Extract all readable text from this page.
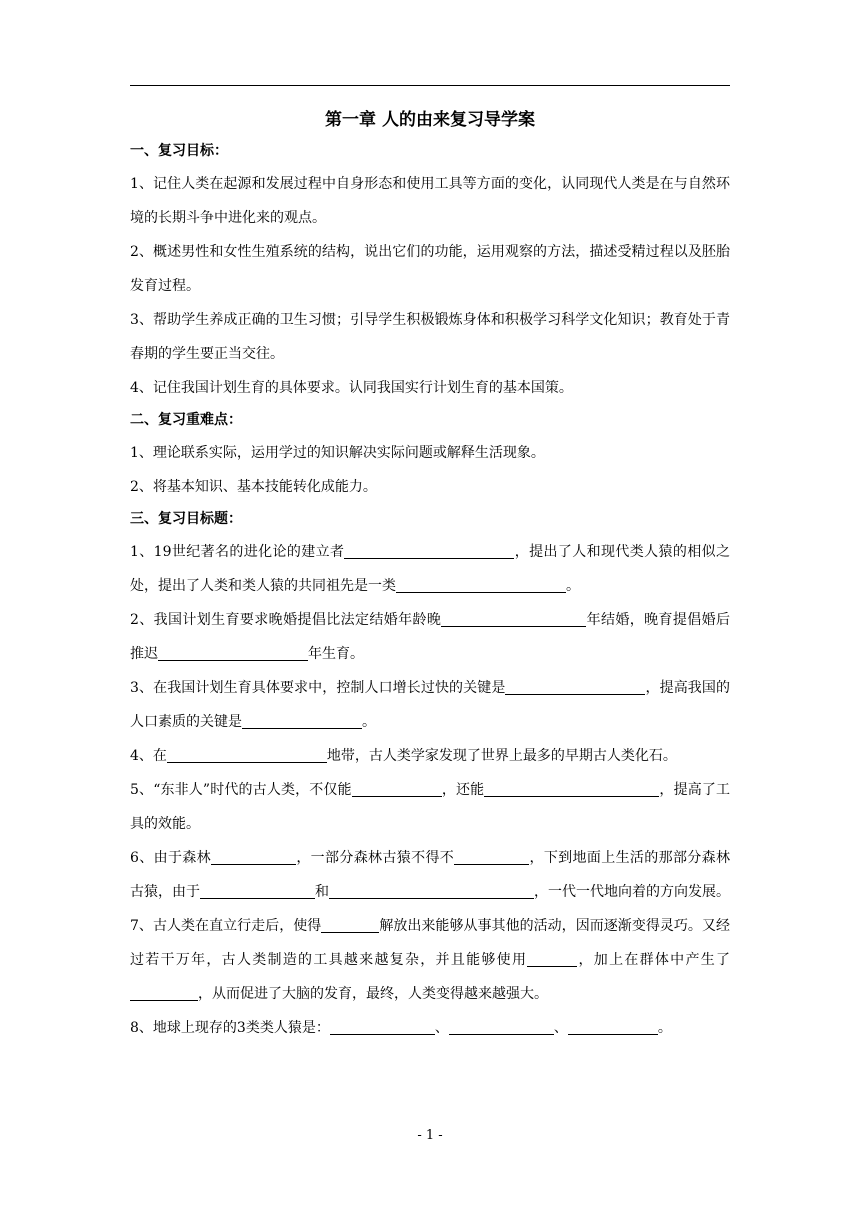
第一章 人的由来复习导学案
一、复习目标：

1、记住人类在起源和发展过程中自身形态和使用工具等方面的变化，认同现代人类是在与自然环境的长期斗争中进化来的观点。

2、概述男性和女性生殖系统的结构，说出它们的功能，运用观察的方法，描述受精过程以及胚胎发育过程。

3、帮助学生养成正确的卫生习惯；引导学生积极锻炼身体和积极学习科学文化知识；教育处于青春期的学生要正当交往。

4、记住我国计划生育的具体要求。认同我国实行计划生育的基本国策。

二、复习重难点：

1、理论联系实际，运用学过的知识解决实际问题或解释生活现象。

2、将基本知识、基本技能转化成能力。

三、复习目标题：

1、19世纪著名的进化论的建立者	，提出了人和现代类人猿的相似之处，提出了人类和类人猿的共同祖先是一类	。

2、我国计划生育要求晚婚提倡比法定结婚年龄晚	年结婚，晚育提倡婚后推迟	年生育。

3、在我国计划生育具体要求中，控制人口增长过快的关键是	，提高我国的人口素质的关键是	。

4、在	地带，古人类学家发现了世界上最多的早期古人类化石。

5、“东非人”时代的古人类，不仅能	，还能	，提高了工具的效能。

6、由于森林	，一部分森林古猿不得不	，下到地面上生活的那部分森林古猿，由于	和	，一代一代地向着的方向发展。

7、古人类在直立行走后，使得	解放出来能够从事其他的活动，因而逐渐变得灵巧。又经过若干万年，古人类制造的工具越来越复杂，并且能够使用	，加上在群体中产生了，从而促进了大脑的发育，最终，人类变得越来越强大。

8、地球上现存的3类类人猿是：	、	、	。

- 1 -
